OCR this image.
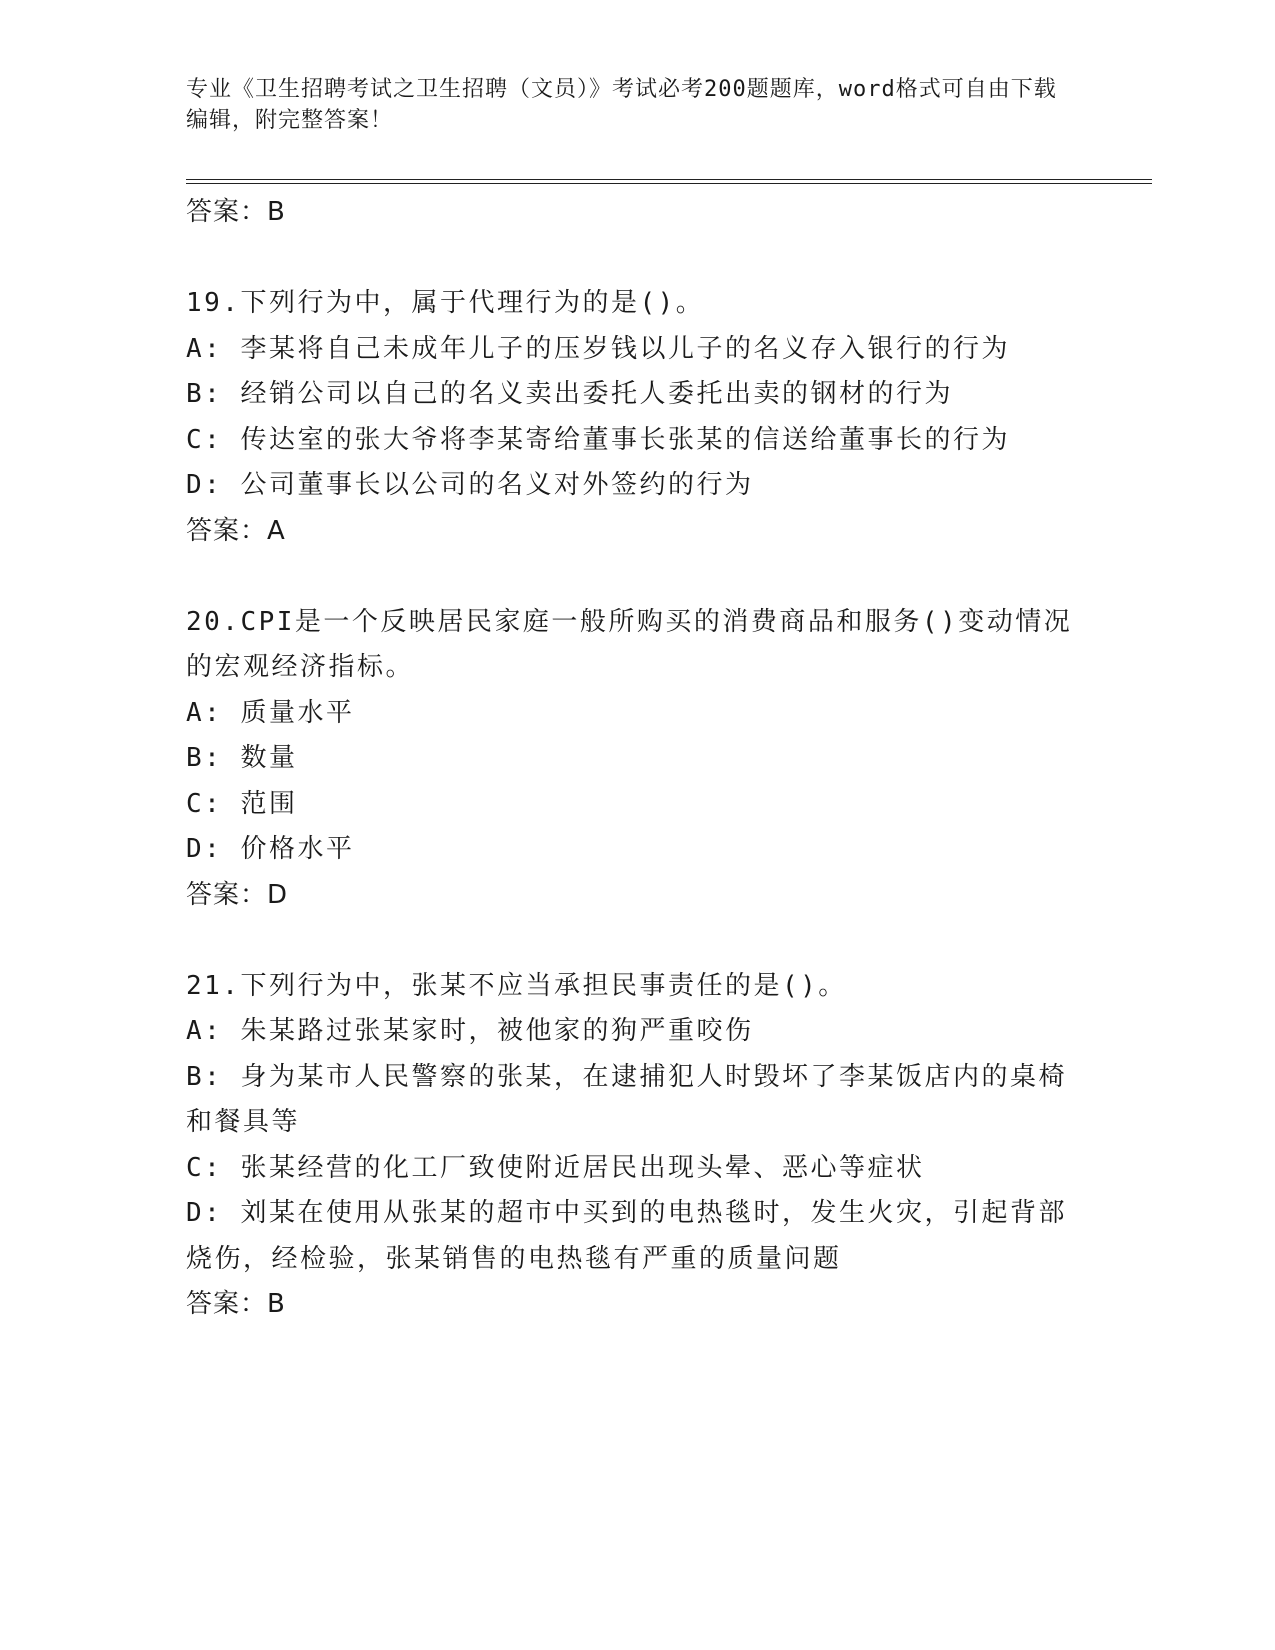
专业《卫生招聘考试之卫生招聘（文员）》考试必考200题题库，word格式可自由下载编辑，附完整答案！
答案：B
19.下列行为中，属于代理行为的是()。
A: 李某将自己未成年儿子的压岁钱以儿子的名义存入银行的行为
B: 经销公司以自己的名义卖出委托人委托出卖的钢材的行为
C: 传达室的张大爷将李某寄给董事长张某的信送给董事长的行为
D: 公司董事长以公司的名义对外签约的行为
答案：A
20.CPI是一个反映居民家庭一般所购买的消费商品和服务()变动情况的宏观经济指标。
A: 质量水平
B: 数量
C: 范围
D: 价格水平
答案：D
21.下列行为中，张某不应当承担民事责任的是()。
A: 朱某路过张某家时，被他家的狗严重咬伤
B: 身为某市人民警察的张某，在逮捕犯人时毁坏了李某饭店内的桌椅和餐具等
C: 张某经营的化工厂致使附近居民出现头晕、恶心等症状
D: 刘某在使用从张某的超市中买到的电热毯时，发生火灾，引起背部烧伤，经检验，张某销售的电热毯有严重的质量问题
答案：B
